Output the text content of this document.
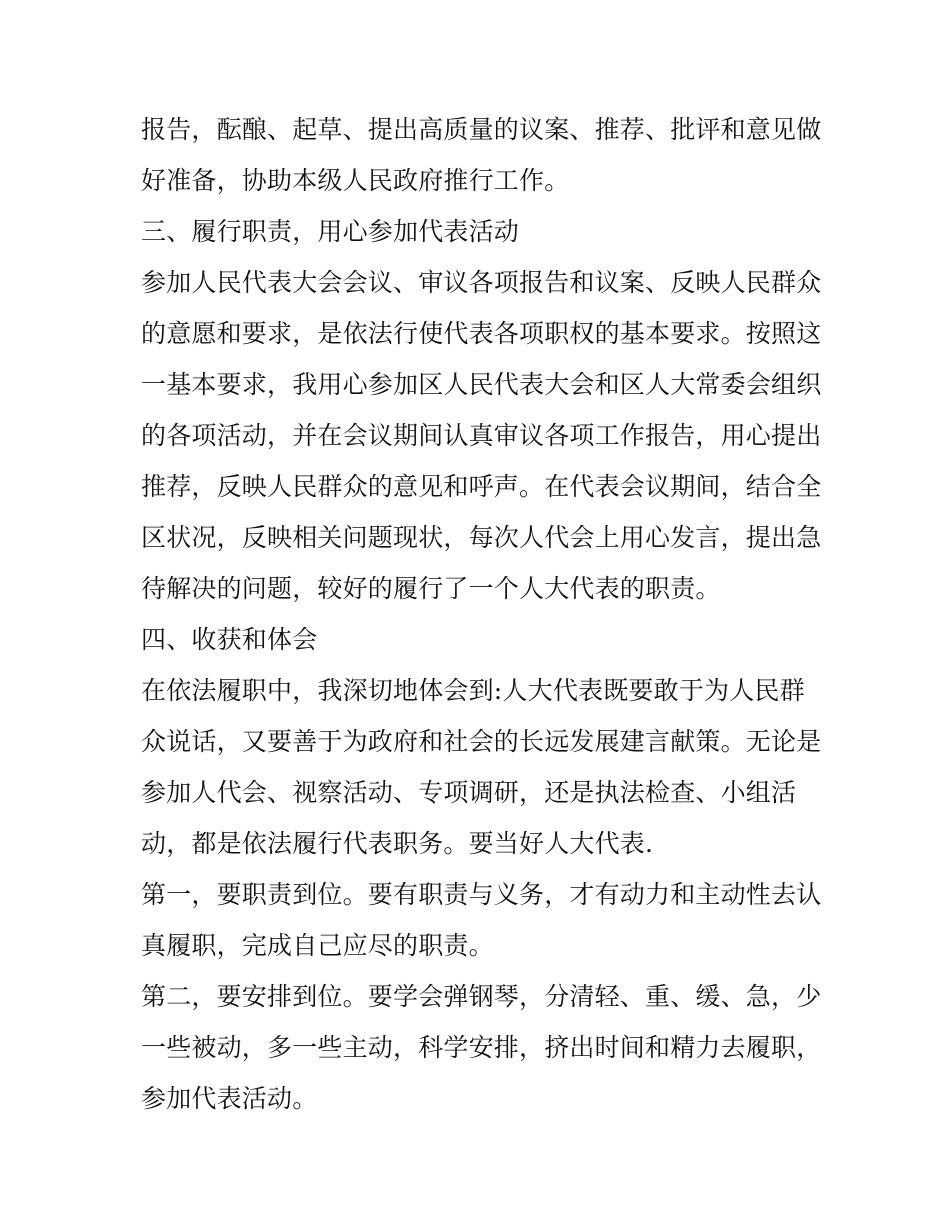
报告，酝酿、起草、提出高质量的议案、推荐、批评和意见做
好准备，协助本级人民政府推行工作。
三、履行职责，用心参加代表活动
参加人民代表大会会议、审议各项报告和议案、反映人民群众
的意愿和要求，是依法行使代表各项职权的基本要求。按照这
一基本要求，我用心参加区人民代表大会和区人大常委会组织
的各项活动，并在会议期间认真审议各项工作报告，用心提出
推荐，反映人民群众的意见和呼声。在代表会议期间，结合全
区状况，反映相关问题现状，每次人代会上用心发言，提出急
待解决的问题，较好的履行了一个人大代表的职责。
四、收获和体会
在依法履职中，我深切地体会到:人大代表既要敢于为人民群
众说话，又要善于为政府和社会的长远发展建言献策。无论是
参加人代会、视察活动、专项调研，还是执法检查、小组活
动，都是依法履行代表职务。要当好人大代表.
第一，要职责到位。要有职责与义务，才有动力和主动性去认
真履职，完成自己应尽的职责。
第二，要安排到位。要学会弹钢琴，分清轻、重、缓、急，少
一些被动，多一些主动，科学安排，挤出时间和精力去履职，
参加代表活动。
